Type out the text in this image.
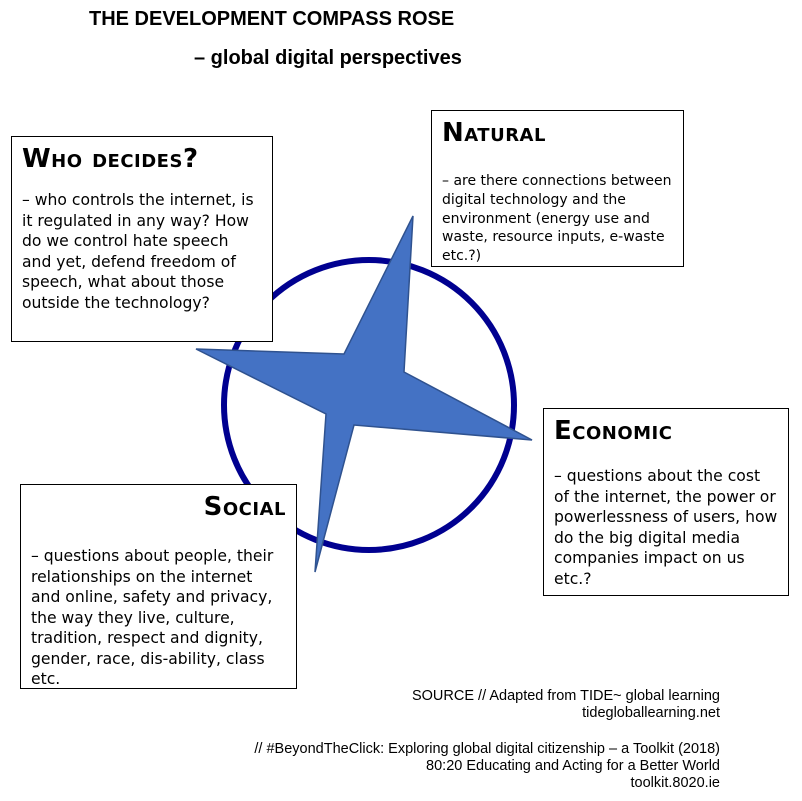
THE DEVELOPMENT COMPASS ROSE
– global digital perspectives
Who decides?

– who controls the internet, is it regulated in any way? How do we control hate speech and yet, defend freedom of speech, what about those outside the technology?

Natural

– are there connections between digital technology and the environment (energy use and waste, resource inputs, e-waste etc.?)

Economic

– questions about the cost of the internet, the power or powerlessness of users, how do the big digital media companies impact on us etc.?

Social

– questions about people, their relationships on the internet and online, safety and privacy, the way they live, culture, tradition, respect and dignity, gender, race, dis-ability, class etc.

SOURCE // Adapted from TIDE~ global learning
tidegloballearning.net
// #BeyondTheClick: Exploring global digital citizenship – a Toolkit (2018)
80:20 Educating and Acting for a Better World
toolkit.8020.ie
